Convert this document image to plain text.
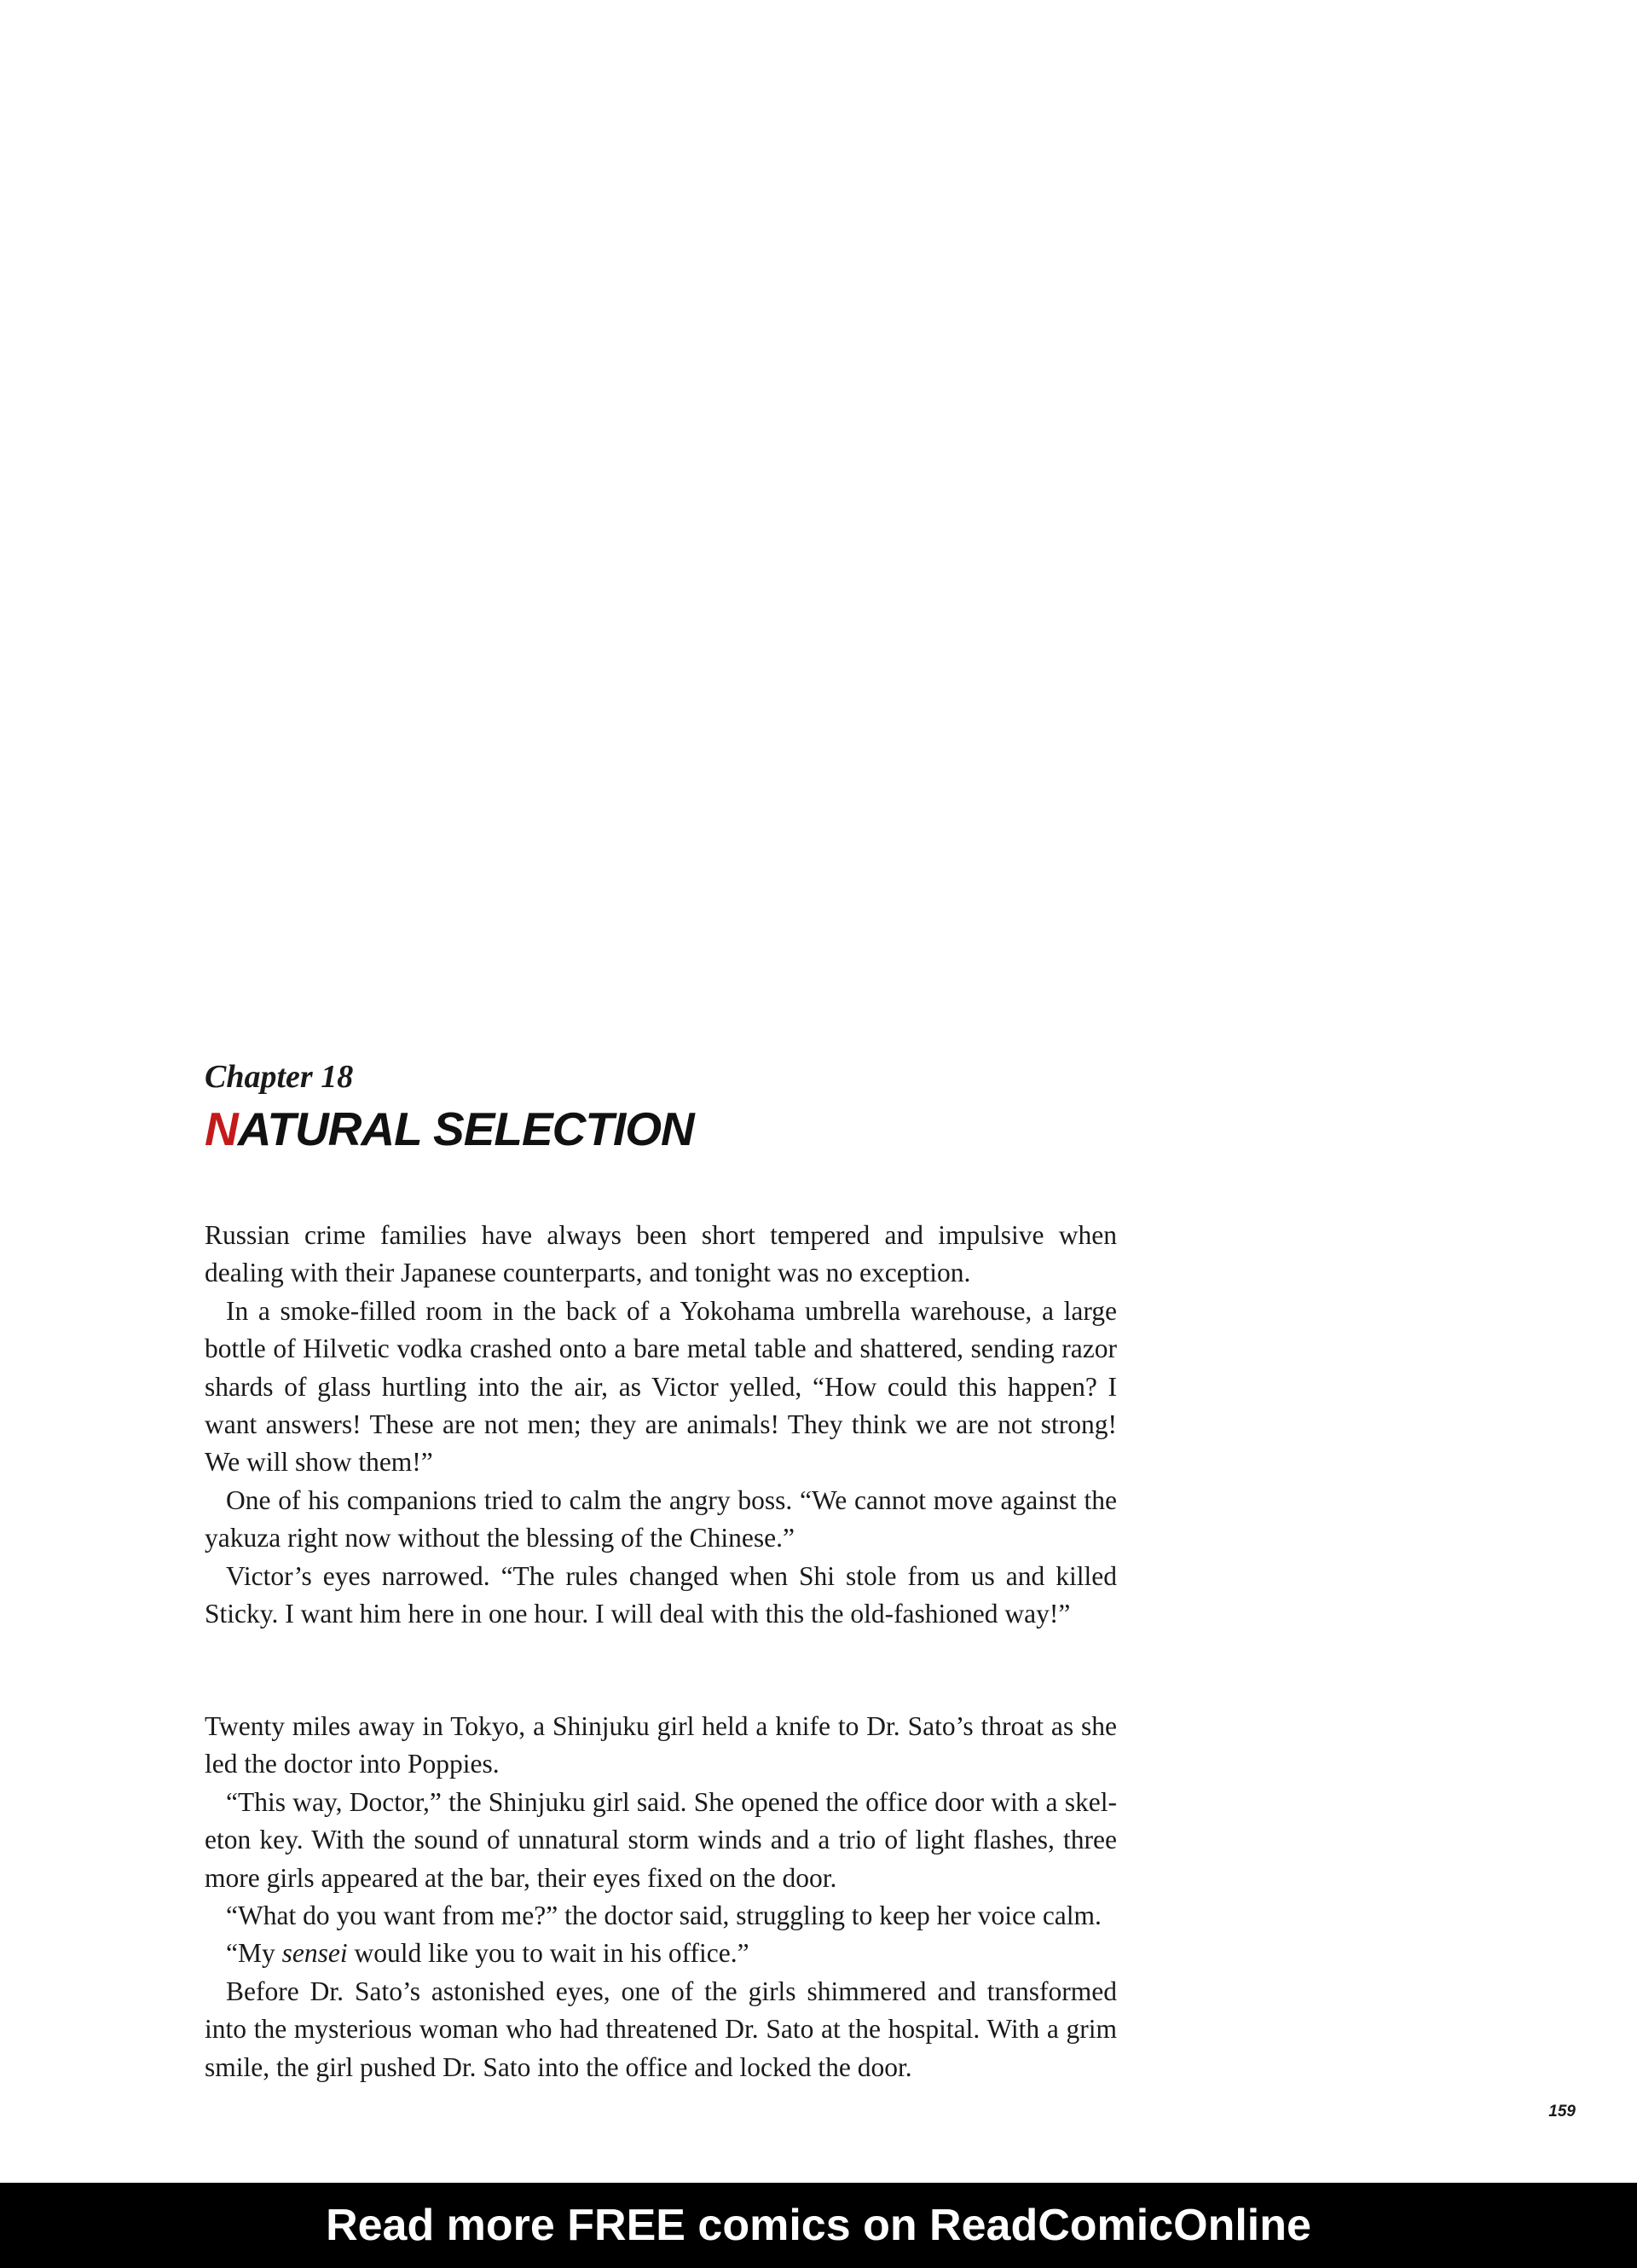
Chapter 18
NATURAL SELECTION

Russian crime families have always been short tempered and impulsive when dealing with their Japanese counterparts, and tonight was no exception.

In a smoke-filled room in the back of a Yokohama umbrella warehouse, a large bottle of Hilvetic vodka crashed onto a bare metal table and shattered, sending razor shards of glass hurtling into the air, as Victor yelled, “How could this happen? I want answers! These are not men; they are animals! They think we are not strong! We will show them!”

One of his companions tried to calm the angry boss. “We cannot move against the yakuza right now without the blessing of the Chinese.”

Victor’s eyes narrowed. “The rules changed when Shi stole from us and killed Sticky. I want him here in one hour. I will deal with this the old-fashioned way!”

Twenty miles away in Tokyo, a Shinjuku girl held a knife to Dr. Sato’s throat as she led the doctor into Poppies.

“This way, Doctor,” the Shinjuku girl said. She opened the office door with a skel-eton key. With the sound of unnatural storm winds and a trio of light flashes, three more girls appeared at the bar, their eyes fixed on the door.

“What do you want from me?” the doctor said, struggling to keep her voice calm.

“My sensei would like you to wait in his office.”

Before Dr. Sato’s astonished eyes, one of the girls shimmered and transformed into the mysterious woman who had threatened Dr. Sato at the hospital. With a grim smile, the girl pushed Dr. Sato into the office and locked the door.

159
Read more FREE comics on ReadComicOnline
